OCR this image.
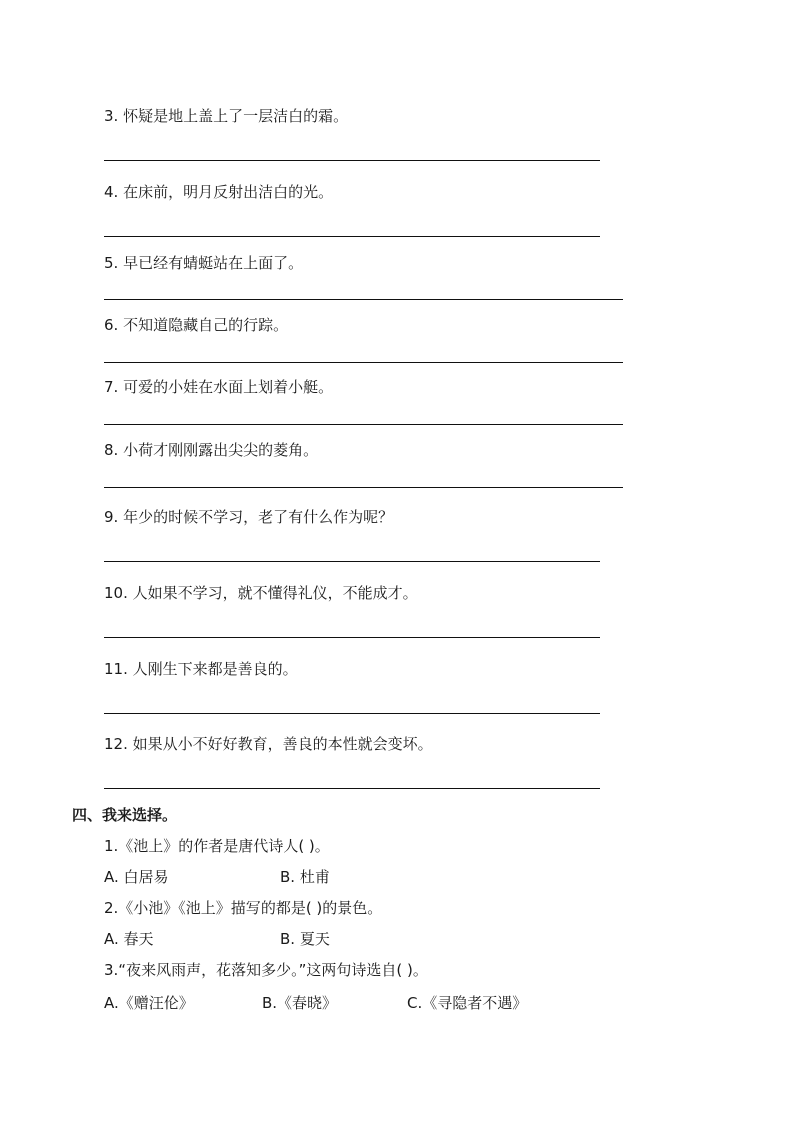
3. 怀疑是地上盖上了一层洁白的霜。
4. 在床前，明月反射出洁白的光。
5. 早已经有蜻蜓站在上面了。
6. 不知道隐藏自己的行踪。
7. 可爱的小娃在水面上划着小艇。
8. 小荷才刚刚露出尖尖的菱角。
9. 年少的时候不学习，老了有什么作为呢？
10. 人如果不学习，就不懂得礼仪，不能成才。
11. 人刚生下来都是善良的。
12. 如果从小不好好教育，善良的本性就会变坏。
四、我来选择。
1.《池上》的作者是唐代诗人( )。
A. 白居易	B. 杜甫
2.《小池》《池上》描写的都是( )的景色。
A. 春天	B. 夏天
3.“夜来风雨声，花落知多少。”这两句诗选自( )。
A.《赠汪伦》	B.《春晓》	C.《寻隐者不遇》
